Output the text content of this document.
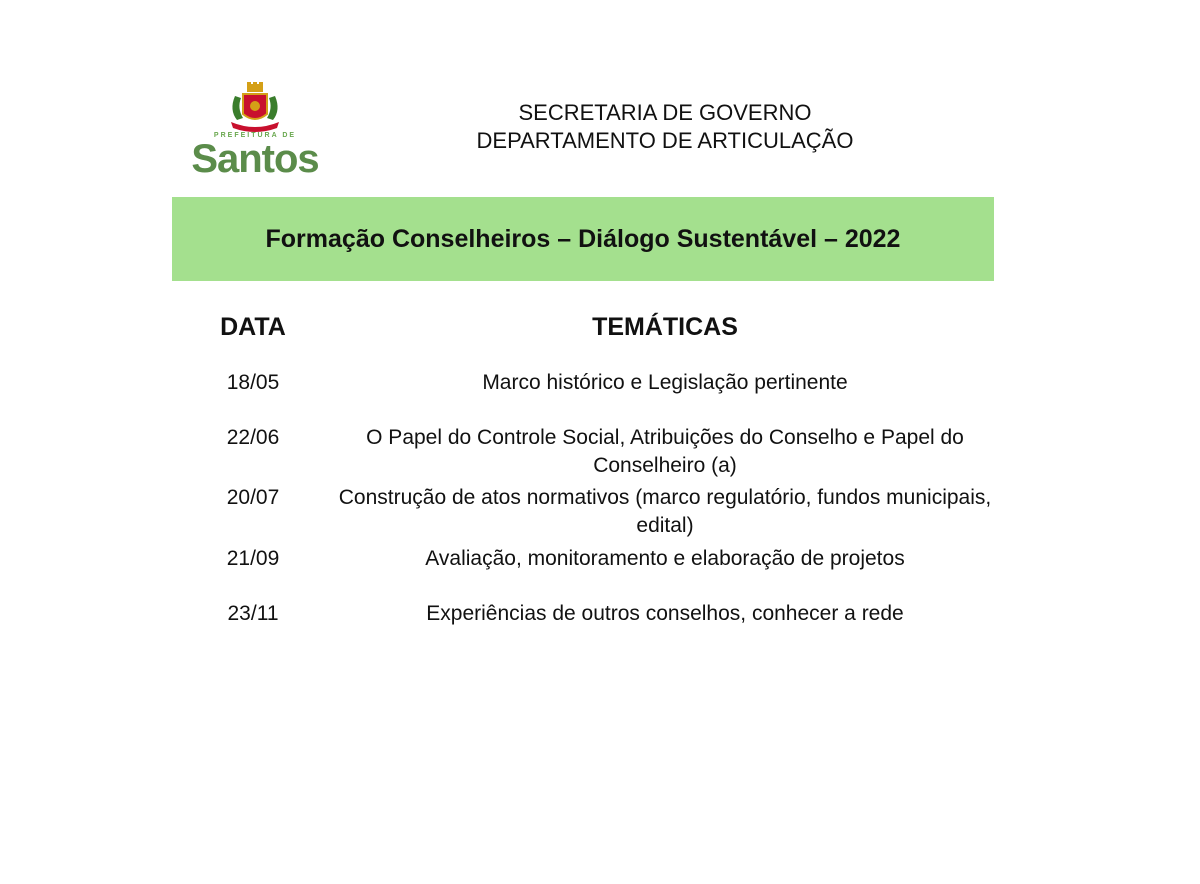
PREFEITURA DE
Santos
SECRETARIA DE GOVERNO
DEPARTAMENTO DE ARTICULAÇÃO
Formação Conselheiros – Diálogo Sustentável – 2022
DATA	TEMÁTICAS
18/05	Marco histórico e Legislação pertinente
22/06	O Papel do Controle Social, Atribuições do Conselho e Papel do Conselheiro (a)
20/07	Construção de atos normativos (marco regulatório, fundos municipais, edital)
21/09	Avaliação, monitoramento e elaboração de projetos
23/11	Experiências de outros conselhos, conhecer a rede
